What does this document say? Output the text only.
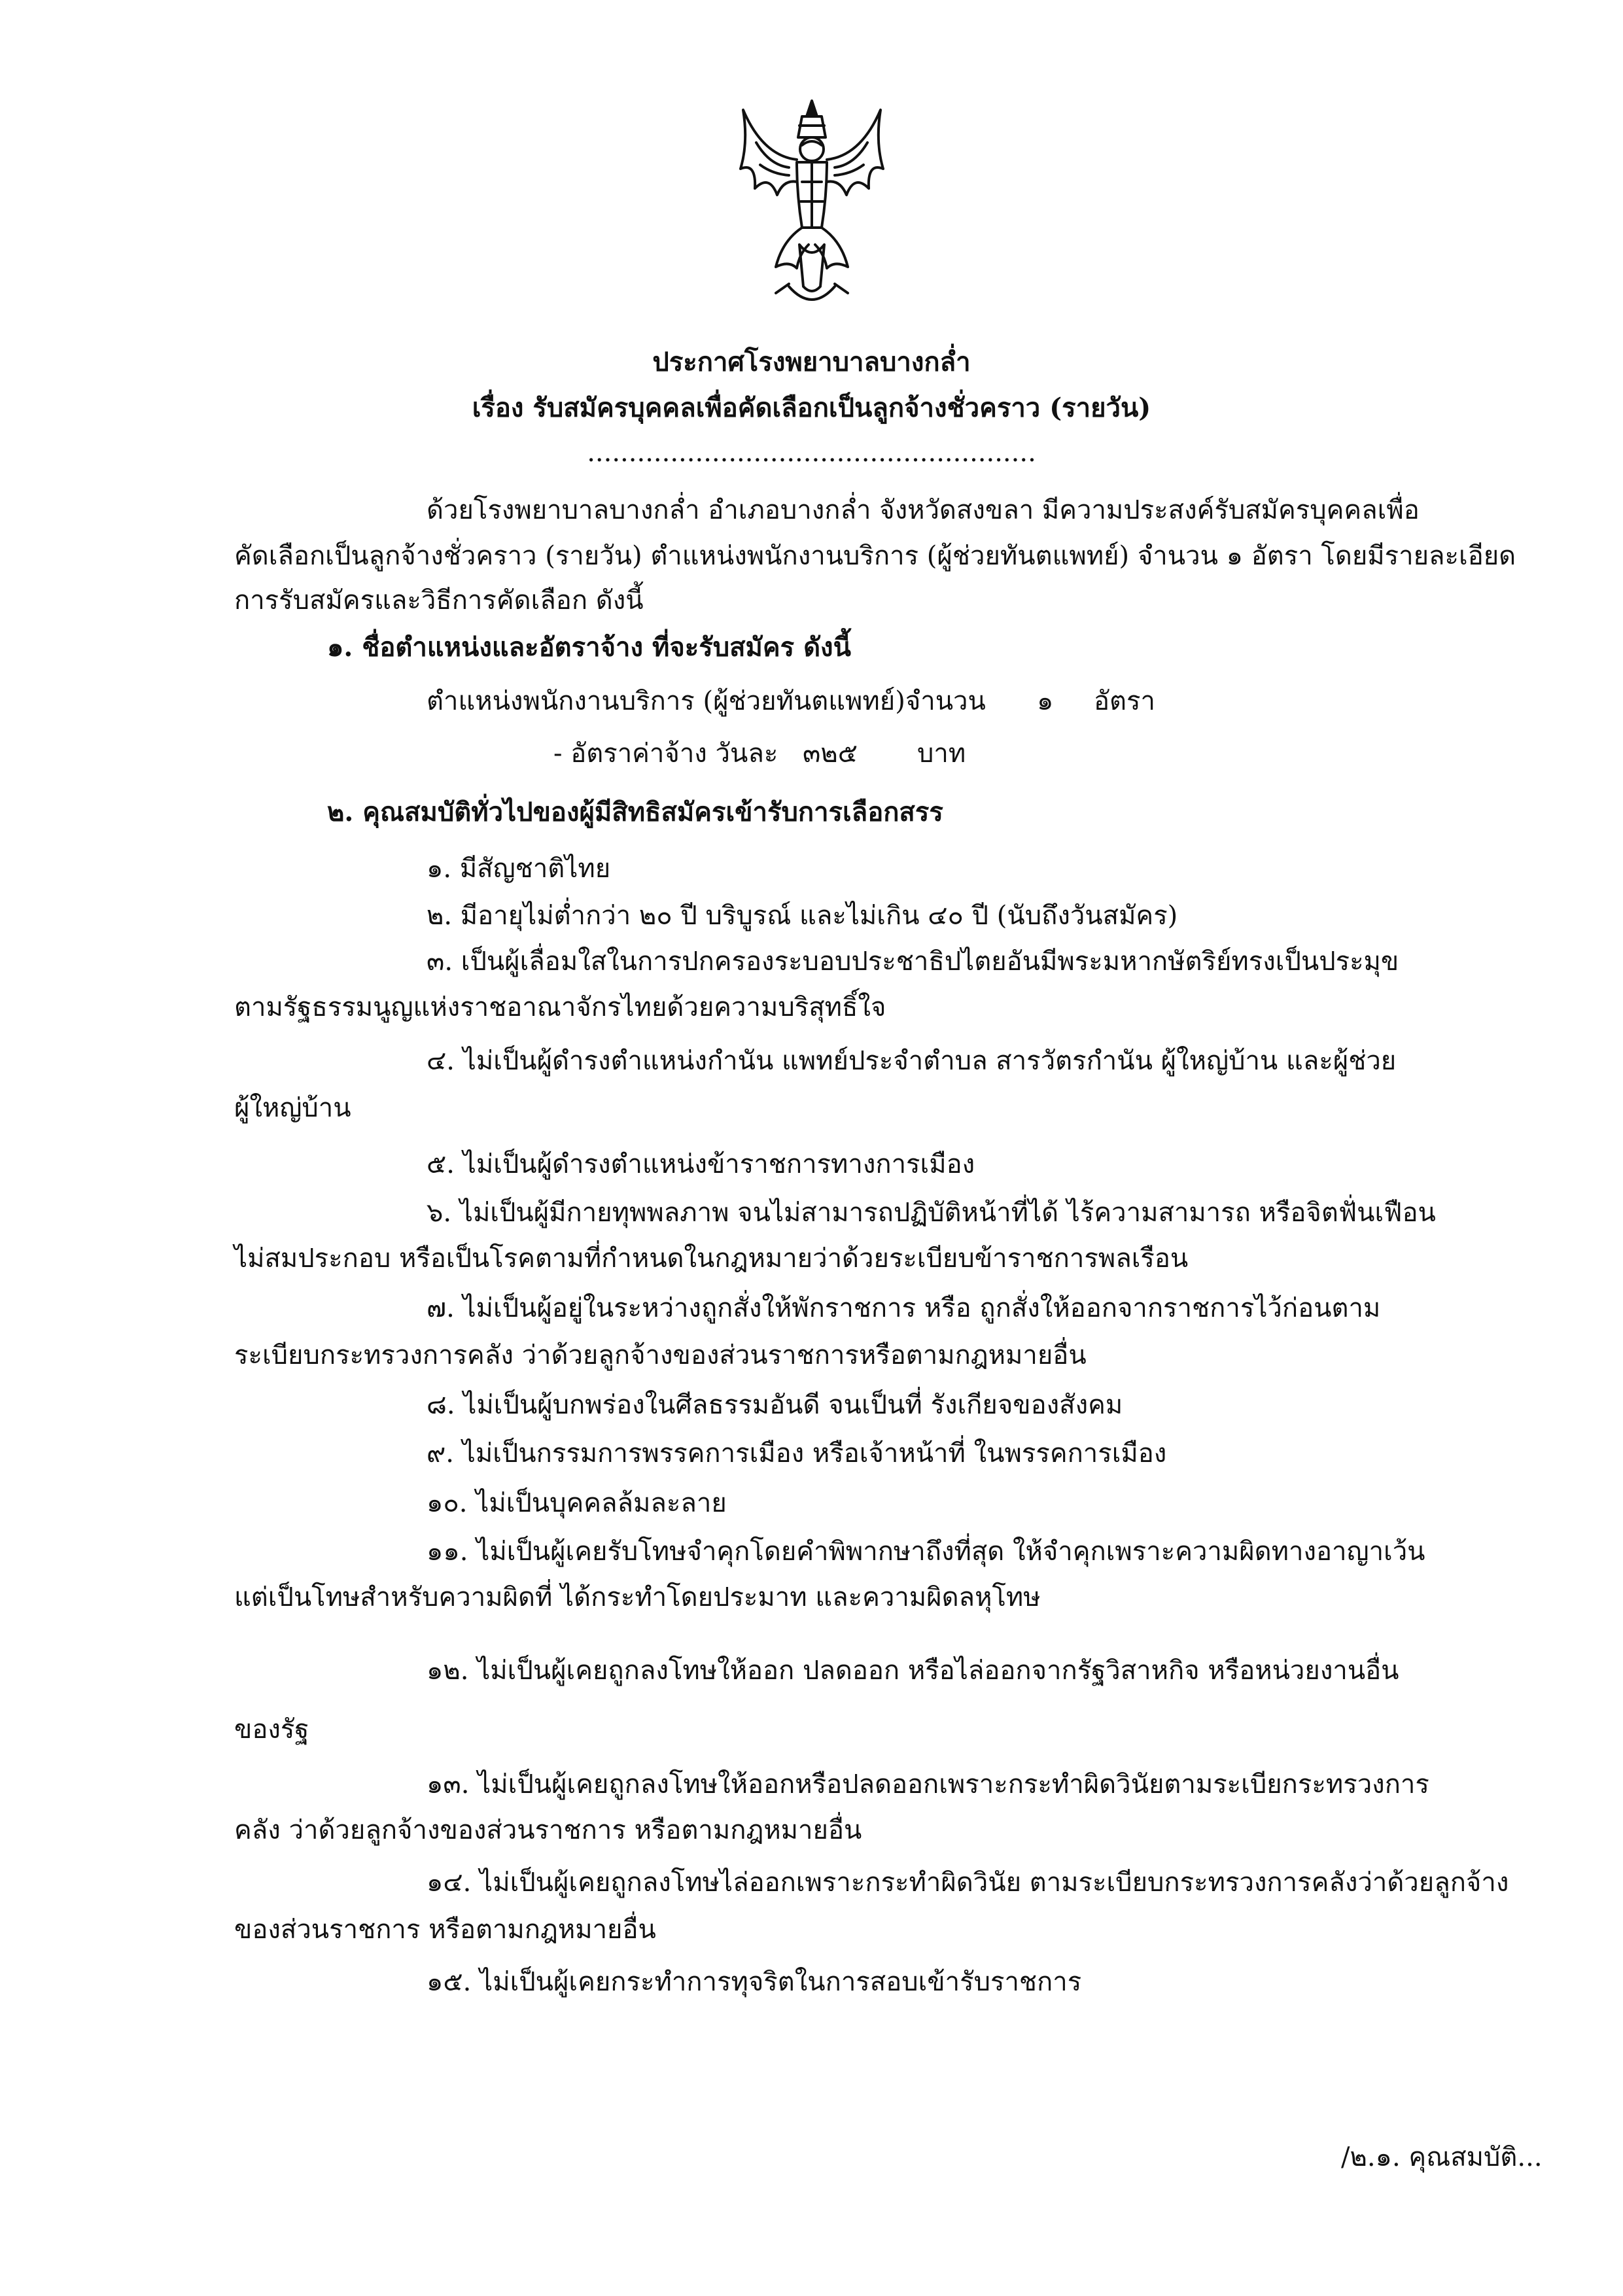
ประกาศโรงพยาบาลบางกล่ำ
เรื่อง รับสมัครบุคคลเพื่อคัดเลือกเป็นลูกจ้างชั่วคราว (รายวัน)
......................................................
ด้วยโรงพยาบาลบางกล่ำ อำเภอบางกล่ำ จังหวัดสงขลา มีความประสงค์รับสมัครบุคคลเพื่อ
คัดเลือกเป็นลูกจ้างชั่วคราว (รายวัน) ตำแหน่งพนักงานบริการ (ผู้ช่วยทันตแพทย์) จำนวน ๑ อัตรา โดยมีรายละเอียด
การรับสมัครและวิธีการคัดเลือก ดังนี้
๑. ชื่อตำแหน่งและอัตราจ้าง ที่จะรับสมัคร ดังนี้
ตำแหน่งพนักงานบริการ (ผู้ช่วยทันตแพทย์)จำนวน ๑ อัตรา
- อัตราค่าจ้าง วันละ ๓๒๕ บาท
๒. คุณสมบัติทั่วไปของผู้มีสิทธิสมัครเข้ารับการเลือกสรร
๑. มีสัญชาติไทย
๒. มีอายุไม่ต่ำกว่า ๒๐ ปี บริบูรณ์ และไม่เกิน ๔๐ ปี (นับถึงวันสมัคร)
๓. เป็นผู้เลื่อมใสในการปกครองระบอบประชาธิปไตยอันมีพระมหากษัตริย์ทรงเป็นประมุข
ตามรัฐธรรมนูญแห่งราชอาณาจักรไทยด้วยความบริสุทธิ์ใจ
๔. ไม่เป็นผู้ดำรงตำแหน่งกำนัน แพทย์ประจำตำบล สารวัตรกำนัน ผู้ใหญ่บ้าน และผู้ช่วย
ผู้ใหญ่บ้าน
๕. ไม่เป็นผู้ดำรงตำแหน่งข้าราชการทางการเมือง
๖. ไม่เป็นผู้มีกายทุพพลภาพ จนไม่สามารถปฏิบัติหน้าที่ได้ ไร้ความสามารถ หรือจิตฟั่นเฟือน
ไม่สมประกอบ หรือเป็นโรคตามที่กำหนดในกฎหมายว่าด้วยระเบียบข้าราชการพลเรือน
๗. ไม่เป็นผู้อยู่ในระหว่างถูกสั่งให้พักราชการ หรือ ถูกสั่งให้ออกจากราชการไว้ก่อนตาม
ระเบียบกระทรวงการคลัง ว่าด้วยลูกจ้างของส่วนราชการหรือตามกฎหมายอื่น
๘. ไม่เป็นผู้บกพร่องในศีลธรรมอันดี จนเป็นที่ รังเกียจของสังคม
๙. ไม่เป็นกรรมการพรรคการเมือง หรือเจ้าหน้าที่ ในพรรคการเมือง
๑๐. ไม่เป็นบุคคลล้มละลาย
๑๑. ไม่เป็นผู้เคยรับโทษจำคุกโดยคำพิพากษาถึงที่สุด ให้จำคุกเพราะความผิดทางอาญาเว้น
แต่เป็นโทษสำหรับความผิดที่ ได้กระทำโดยประมาท และความผิดลหุโทษ
๑๒. ไม่เป็นผู้เคยถูกลงโทษให้ออก ปลดออก หรือไล่ออกจากรัฐวิสาหกิจ หรือหน่วยงานอื่น
ของรัฐ
๑๓. ไม่เป็นผู้เคยถูกลงโทษให้ออกหรือปลดออกเพราะกระทำผิดวินัยตามระเบียกระทรวงการ
คลัง ว่าด้วยลูกจ้างของส่วนราชการ หรือตามกฎหมายอื่น
๑๔. ไม่เป็นผู้เคยถูกลงโทษไล่ออกเพราะกระทำผิดวินัย ตามระเบียบกระทรวงการคลังว่าด้วยลูกจ้าง
ของส่วนราชการ หรือตามกฎหมายอื่น
๑๕. ไม่เป็นผู้เคยกระทำการทุจริตในการสอบเข้ารับราชการ
/๒.๑. คุณสมบัติ...
